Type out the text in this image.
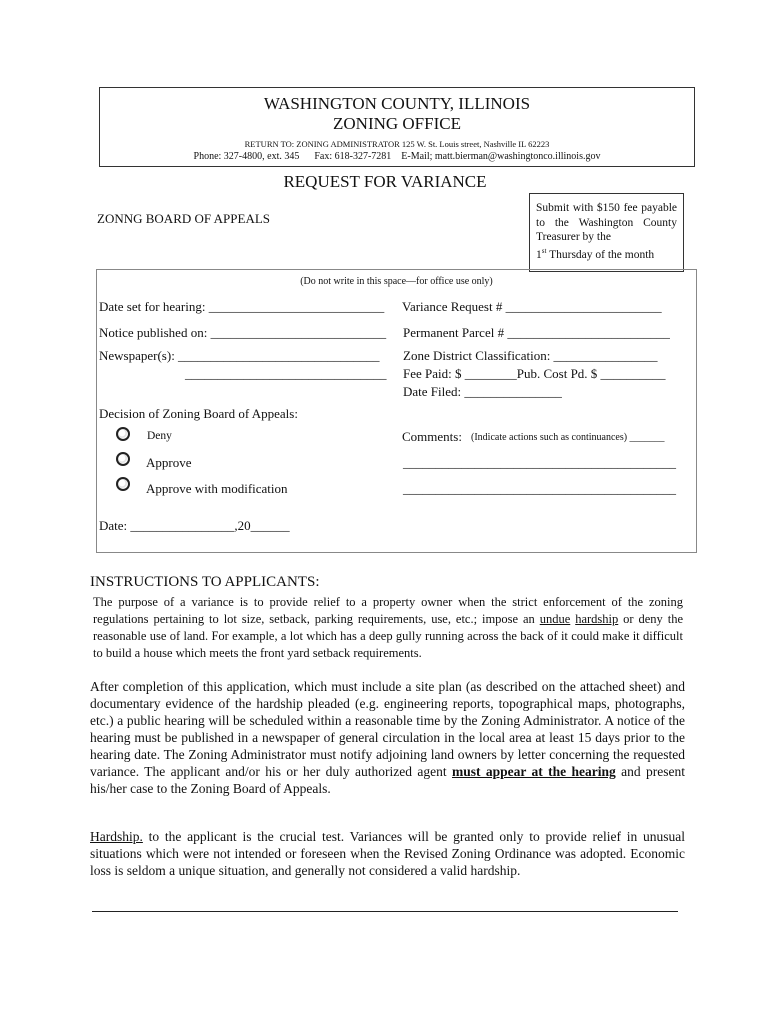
WASHINGTON COUNTY, ILLINOIS
ZONING OFFICE
RETURN TO: ZONING ADMINISTRATOR 125 W. St. Louis street, Nashville IL 62223
Phone: 327-4800, ext. 345      Fax: 618-327-7281    E-Mail; matt.bierman@washingtonco.illinois.gov
REQUEST FOR VARIANCE
ZONNG BOARD OF APPEALS
Submit with $150 fee payable to the Washington County Treasurer by the
1st Thursday of the month
(Do not write in this space—for office use only)
Date set for hearing: ___________________________ Variance Request # ________________________
Notice published on: ___________________________ Permanent Parcel # _________________________
Newspaper(s): _______________________________ Zone District Classification: ________________
_______________________________ Fee Paid: $ ________Pub. Cost Pd. $ __________
Date Filed: _______________
Decision of Zoning Board of Appeals:
Deny
Approve
Approve with modification
Comments: (Indicate actions such as continuances) _______
__________________________________________
__________________________________________
Date: ________________,20______
INSTRUCTIONS TO APPLICANTS:
The purpose of a variance is to provide relief to a property owner when the strict enforcement of the zoning regulations pertaining to lot size, setback, parking requirements, use, etc.; impose an undue hardship or deny the reasonable use of land. For example, a lot which has a deep gully running across the back of it could make it difficult to build a house which meets the front yard setback requirements.
After completion of this application, which must include a site plan (as described on the attached sheet) and documentary evidence of the hardship pleaded (e.g. engineering reports, topographical maps, photographs, etc.) a public hearing will be scheduled within a reasonable time by the Zoning Administrator. A notice of the hearing must be published in a newspaper of general circulation in the local area at least 15 days prior to the hearing date. The Zoning Administrator must notify adjoining land owners by letter concerning the requested variance. The applicant and/or his or her duly authorized agent must appear at the hearing and present his/her case to the Zoning Board of Appeals.
Hardship. to the applicant is the crucial test. Variances will be granted only to provide relief in unusual situations which were not intended or foreseen when the Revised Zoning Ordinance was adopted. Economic loss is seldom a unique situation, and generally not considered a valid hardship.
